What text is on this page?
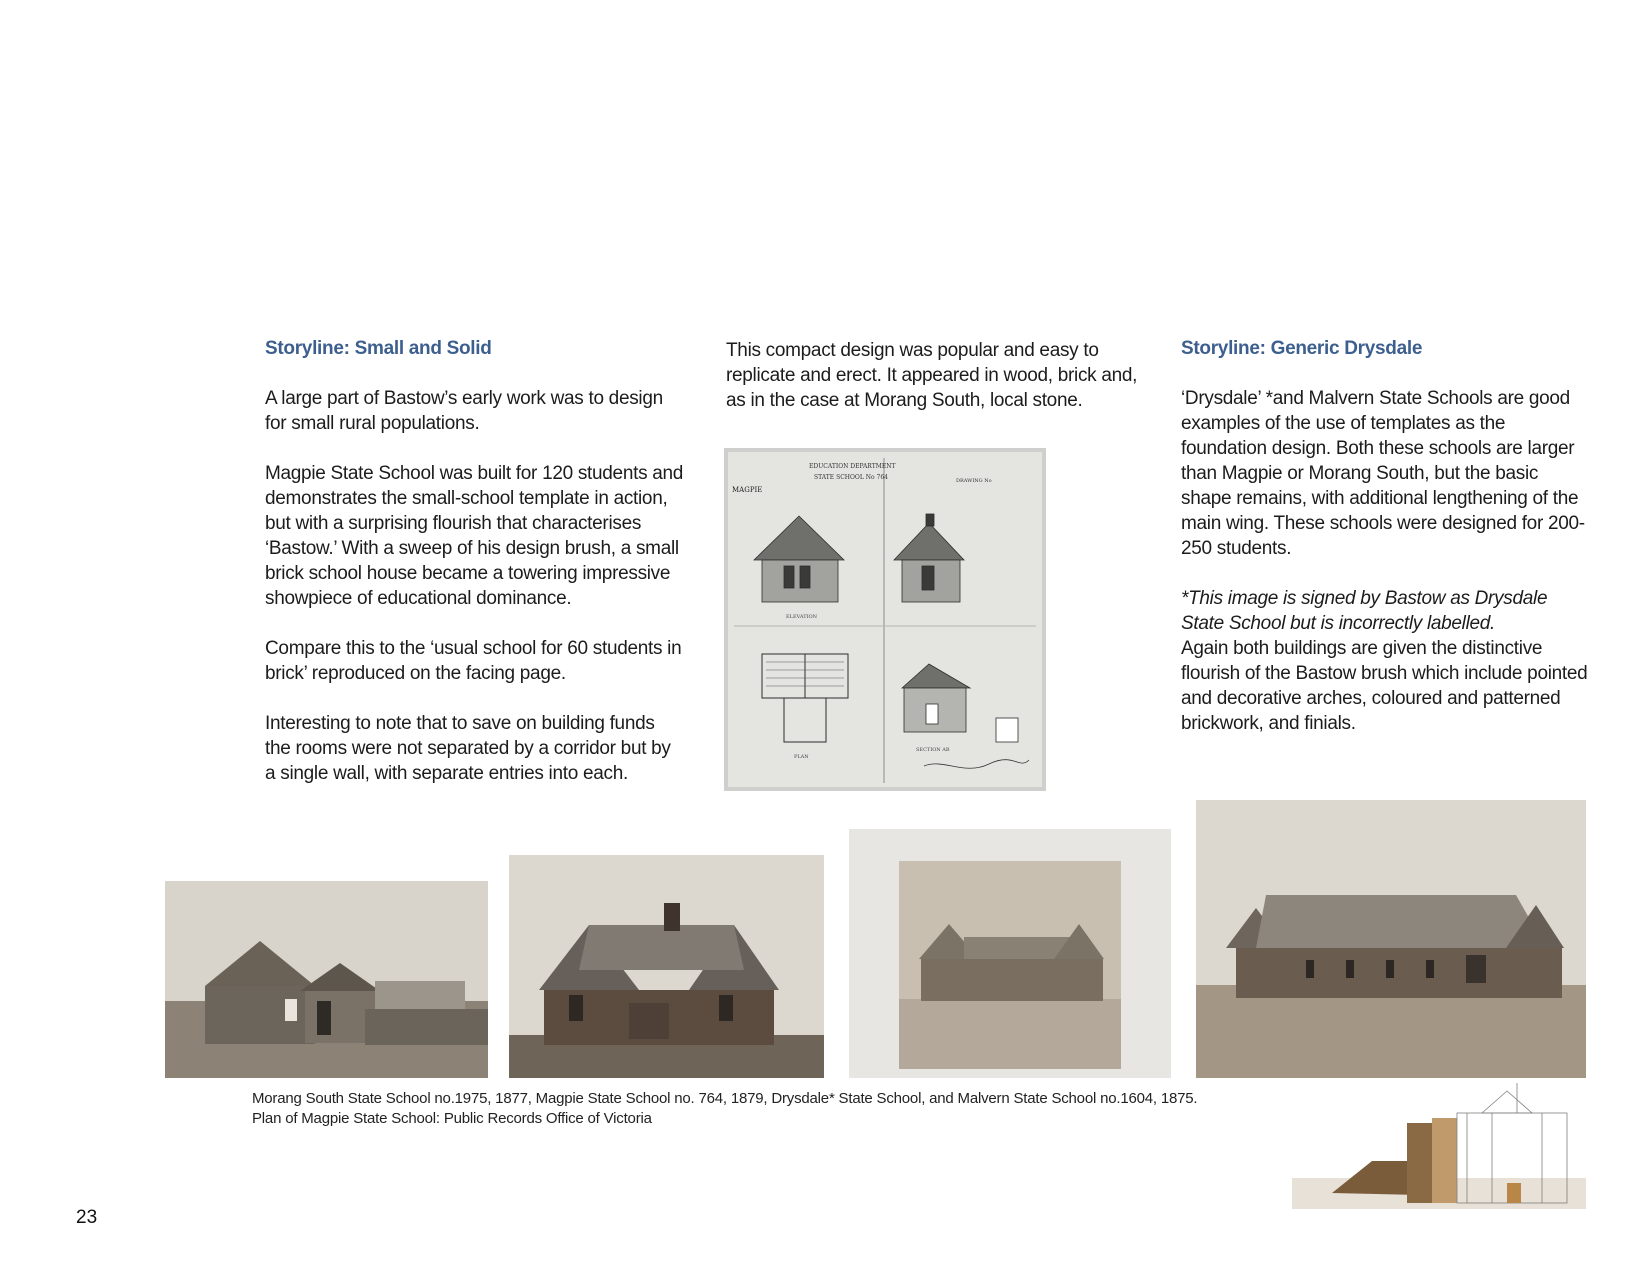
Storyline: Small and Solid

A large part of Bastow’s early work was to design for small rural populations.

Magpie State School was built for 120 students and demonstrates the small-school template in action, but with a surprising flourish that characterises ‘Bastow.’ With a sweep of his design brush, a small brick school house became a towering impressive showpiece of educational dominance.

Compare this to the ‘usual school for 60 students in brick’ reproduced on the facing page.

Interesting to note that to save on building funds the rooms were not separated by a corridor but by a single wall, with separate entries into each.

This compact design was popular and easy to replicate and erect. It appeared in wood, brick and, as in the case at Morang South, local stone.

Storyline: Generic Drysdale

‘Drysdale’ *and Malvern State Schools are good examples of the use of templates as the foundation design. Both these schools are larger than Magpie or Morang South, but the basic shape remains, with additional lengthening of the main wing. These schools were designed for 200-250 students.

*This image is signed by Bastow as Drysdale State School but is incorrectly labelled.

Again both buildings are given the distinctive flourish of the Bastow brush which include pointed and decorative arches, coloured and patterned brickwork, and finials.

EDUCATION DEPARTMENT
STATE SCHOOL No 764
MAGPIE
DRAWING No
ELEVATION
PLAN
SECTION AB
Morang South State School no.1975, 1877, Magpie State School no. 764, 1879, Drysdale* State School, and Malvern State School no.1604, 1875.
Plan of Magpie State School: Public Records Office of Victoria
23
